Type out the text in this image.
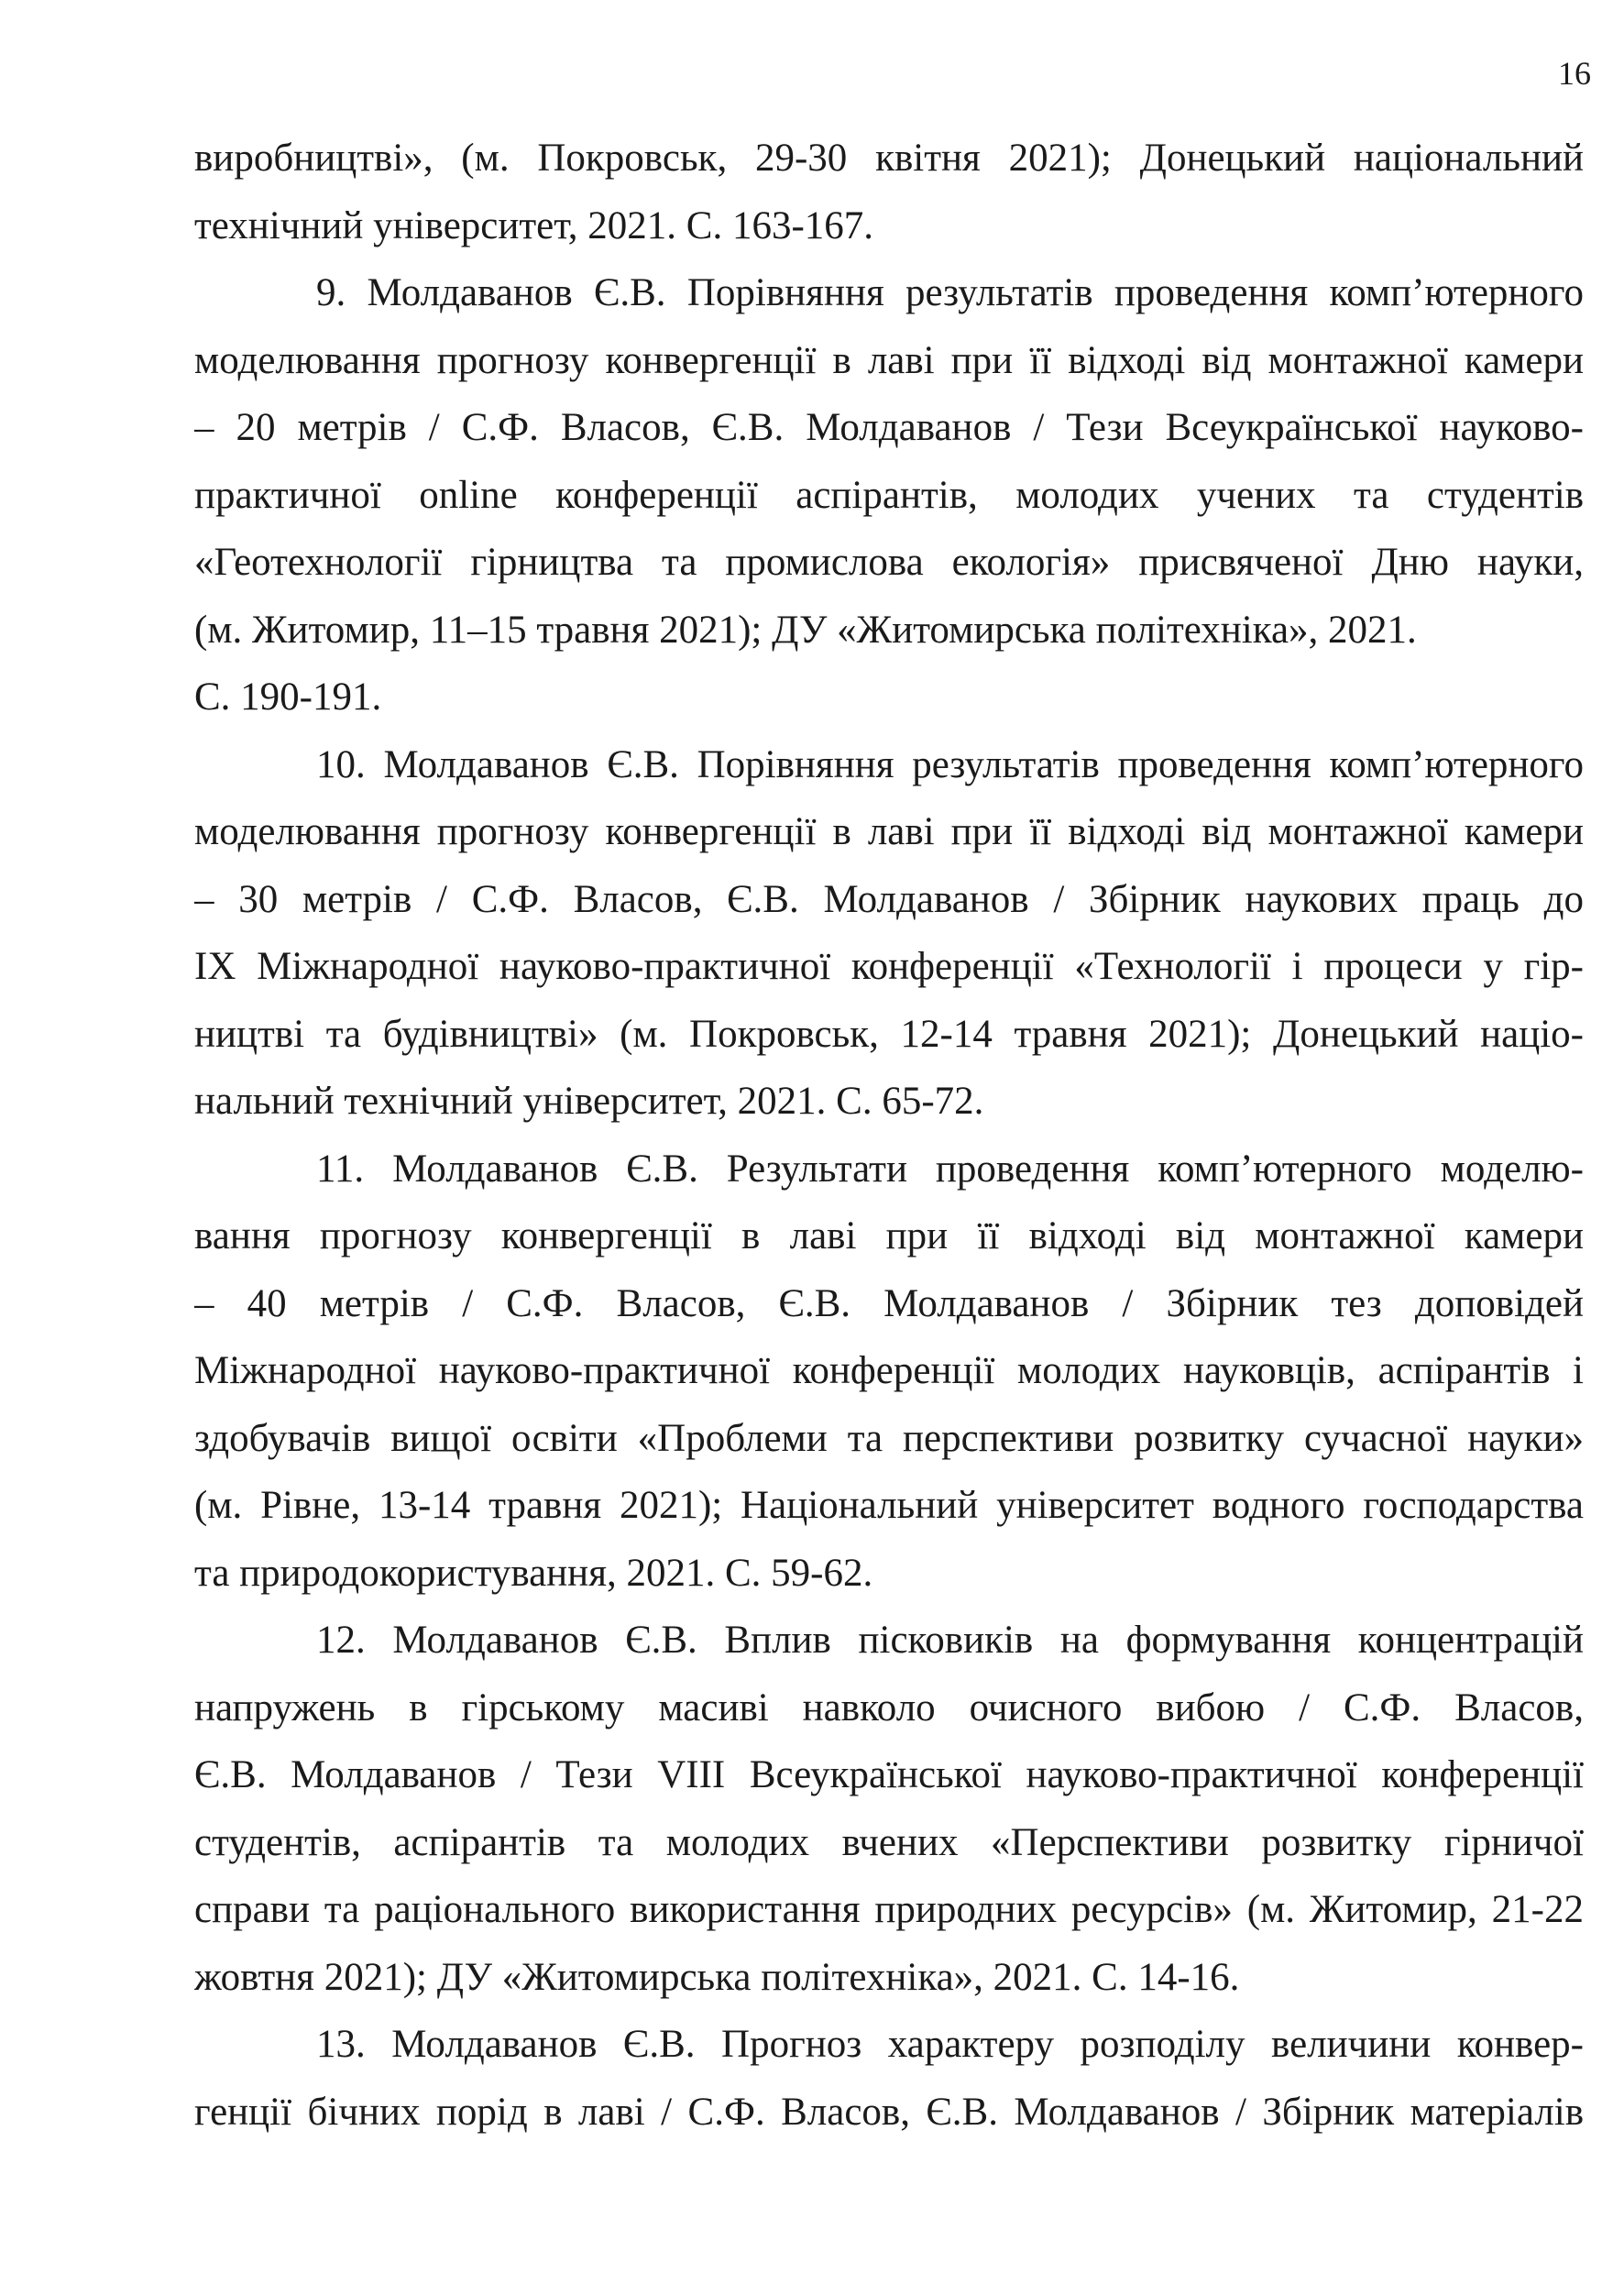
16
виробництві», (м. Покровськ, 29-30 квітня 2021); Донецький національний
технічний університет, 2021. С. 163-167.
9. Молдаванов Є.В. Порівняння результатів проведення комп’ютерного
моделювання прогнозу конвергенції в лаві при її відході від монтажної камери
– 20 метрів / С.Ф. Власов, Є.В. Молдаванов / Тези Всеукраїнської науково-
практичної online конференції аспірантів, молодих учених та студентів
«Геотехнології гірництва та промислова екологія» присвяченої Дню науки,
(м. Житомир, 11–15 травня 2021); ДУ «Житомирська політехніка», 2021.
С. 190-191.
10. Молдаванов Є.В. Порівняння результатів проведення комп’ютерного
моделювання прогнозу конвергенції в лаві при її відході від монтажної камери
– 30 метрів / С.Ф. Власов, Є.В. Молдаванов / Збірник наукових праць до
IX Міжнародної науково-практичної конференції «Технології і процеси у гір-
ництві та будівництві» (м. Покровськ, 12-14 травня 2021); Донецький націо-
нальний технічний університет, 2021. С. 65-72.
11. Молдаванов Є.В. Результати проведення комп’ютерного моделю-
вання прогнозу конвергенції в лаві при її відході від монтажної камери
– 40 метрів / С.Ф. Власов, Є.В. Молдаванов / Збірник тез доповідей
Міжнародної науково-практичної конференції молодих науковців, аспірантів і
здобувачів вищої освіти «Проблеми та перспективи розвитку сучасної науки»
(м. Рівне, 13-14 травня 2021); Національний університет водного господарства
та природокористування, 2021. С. 59-62.
12. Молдаванов Є.В. Вплив пісковиків на формування концентрацій
напружень в гірському масиві навколо очисного вибою / С.Ф. Власов,
Є.В. Молдаванов / Тези VIII Всеукраїнської науково-практичної конференції
студентів, аспірантів та молодих вчених «Перспективи розвитку гірничої
справи та раціонального використання природних ресурсів» (м. Житомир, 21-22
жовтня 2021); ДУ «Житомирська політехніка», 2021. С. 14-16.
13. Молдаванов Є.В. Прогноз характеру розподілу величини конвер-
генції бічних порід в лаві / С.Ф. Власов, Є.В. Молдаванов / Збірник матеріалів
